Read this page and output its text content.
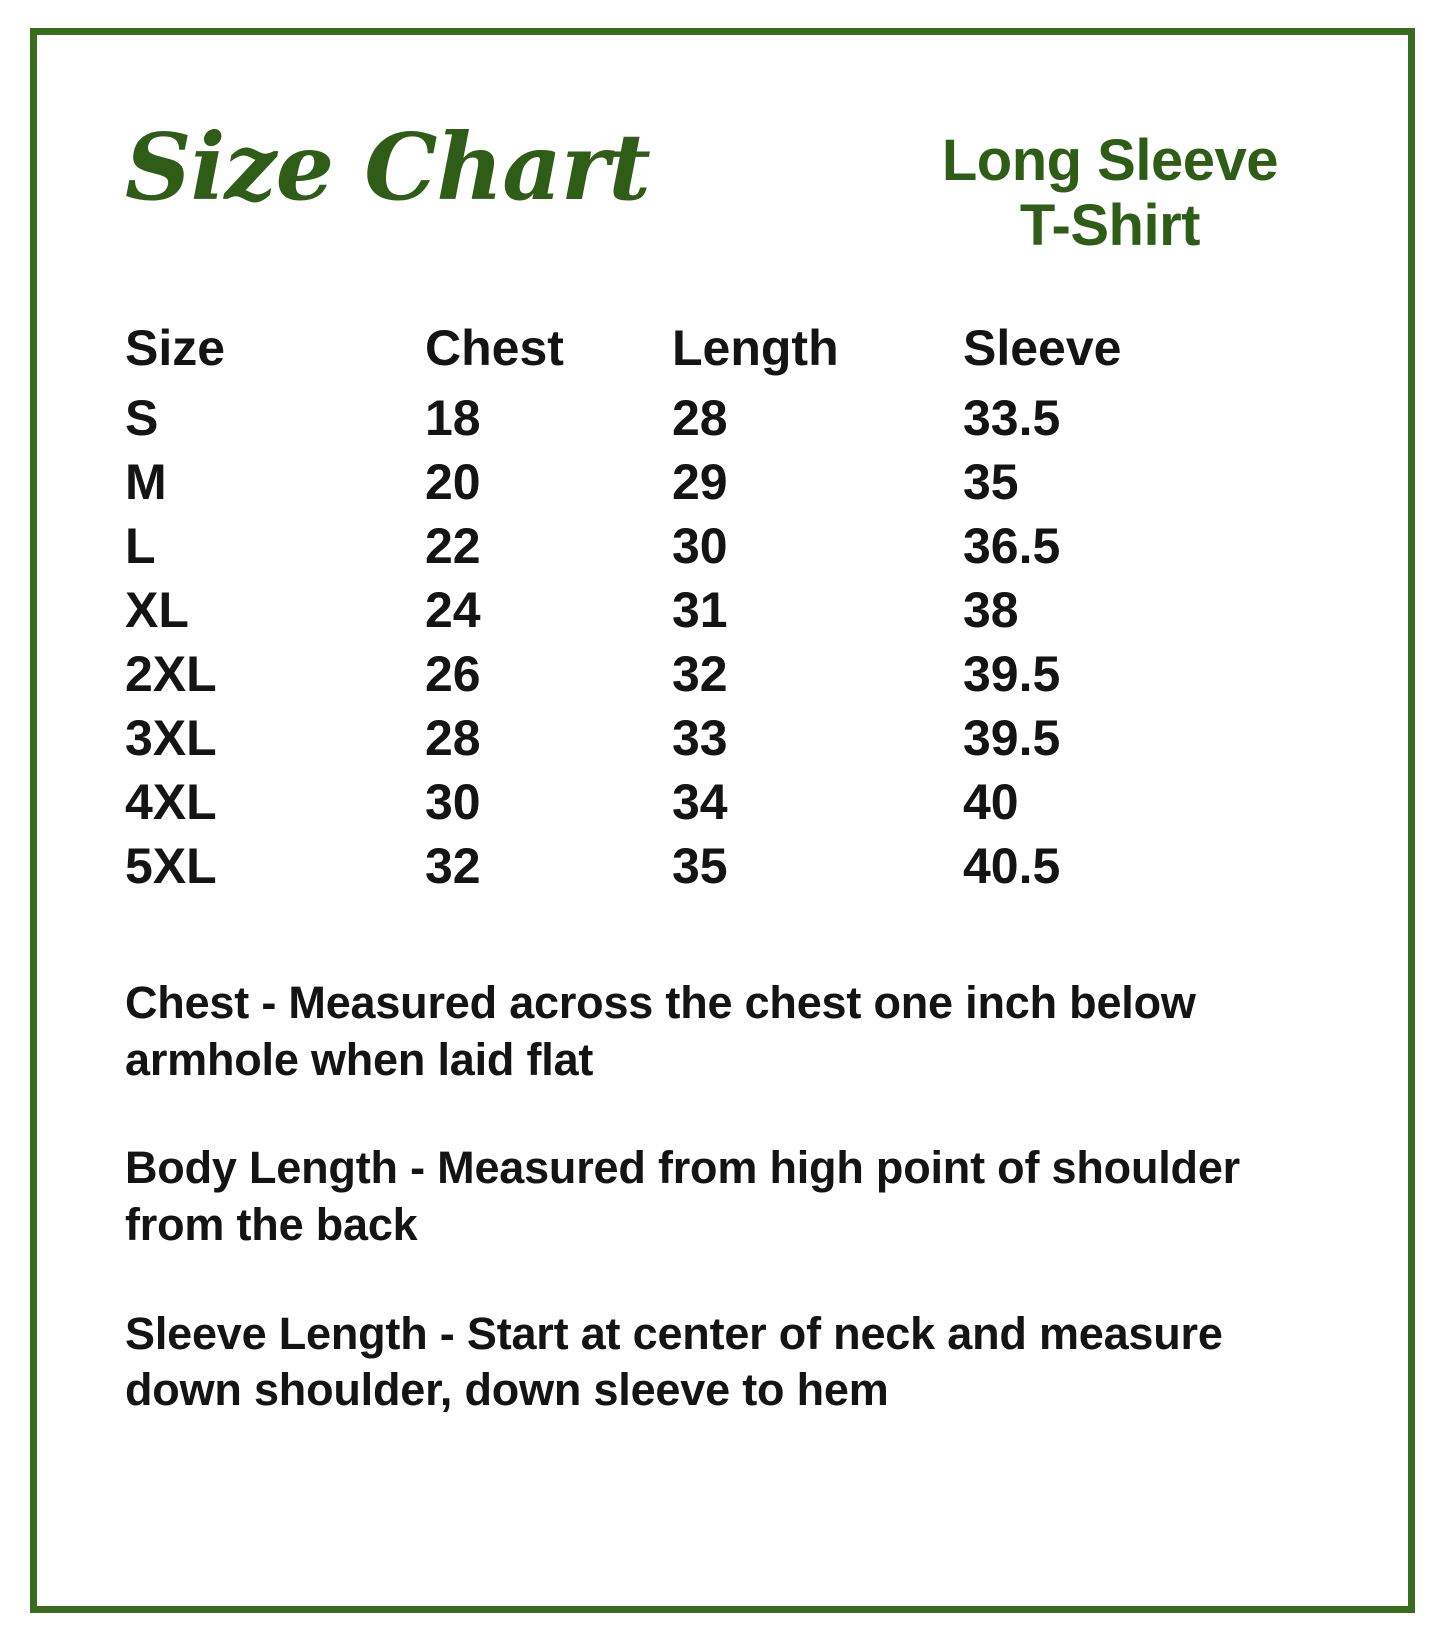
Size Chart	Long Sleeve
T-Shirt
Size	Chest	Length	Sleeve
S	18	28	33.5
M	20	29	35
L	22	30	36.5
XL	24	31	38
2XL	26	32	39.5
3XL	28	33	39.5
4XL	30	34	40
5XL	32	35	40.5
Chest - Measured across the chest one inch below armhole when laid flat
Body Length - Measured from high point of shoulder from the back
Sleeve Length - Start at center of neck and measure down shoulder, down sleeve to hem
